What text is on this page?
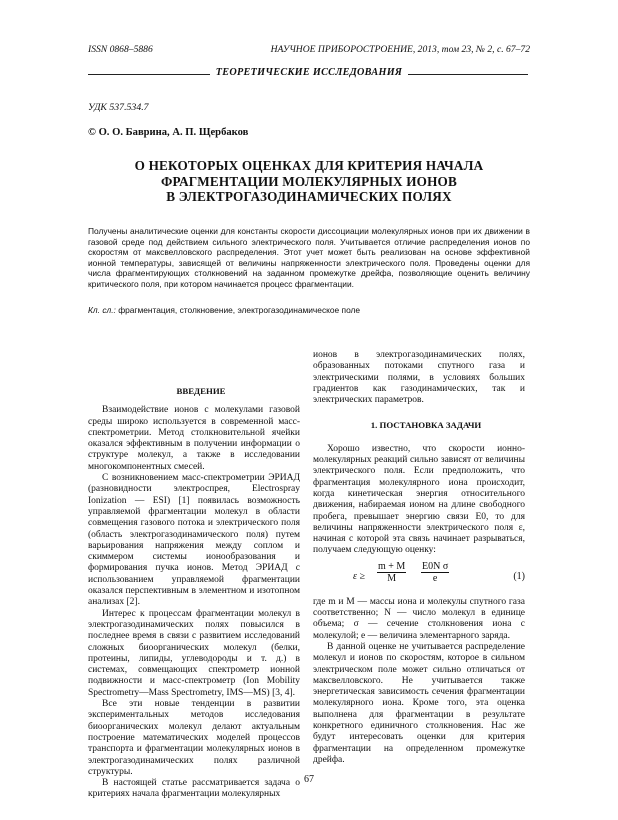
ISSN 0868–5886	НАУЧНОЕ ПРИБОРОСТРОЕНИЕ, 2013, том 23, № 2, с. 67–72
ТЕОРЕТИЧЕСКИЕ ИССЛЕДОВАНИЯ
УДК 537.534.7
© О. О. Бaврина, А. П. Щербаков
О НЕКОТОРЫХ ОЦЕНКАХ ДЛЯ КРИТЕРИЯ НАЧАЛА
ФРАГМЕНТАЦИИ МОЛЕКУЛЯРНЫХ ИОНОВ
В ЭЛЕКТРОГАЗОДИНАМИЧЕСКИХ ПОЛЯХ
Получены аналитические оценки для константы скорости диссоциации молекулярных ионов при их движении в газовой среде под действием сильного электрического поля. Учитывается отличие распределения ионов по скоростям от максвелловского распределения. Этот учет может быть реализован на основе эффективной ионной температуры, зависящей от величины напряженности электрического поля. Проведены оценки для числа фрагментирующих столкновений на заданном промежутке дрейфа, позволяющие оценить величину критического поля, при котором начинается процесс фрагментации.
Кл. сл.: фрагментация, столкновение, электрогазодинамическое поле

ВВЕДЕНИЕ

Взаимодействие ионов с молекулами газовой среды широко используется в современной масс-спектрометрии. Метод столкновительной ячейки оказался эффективным в получении информации о структуре молекул, а также в исследовании многокомпонентных смесей.

С возникновением масс-спектрометрии ЭРИАД (разновидности электроспрея, Electrospray Ionization — ESI) [1] появилась возможность управляемой фрагментации молекул в области совмещения газового потока и электрического поля (область электрогазодинамического поля) путем варьирования напряжения между соплом и скиммером системы ионообразования и формирования пучка ионов. Метод ЭРИАД с использованием управляемой фрагментации оказался перспективным в элементном и изотопном анализах [2].

Интерес к процессам фрагментации молекул в электрогазодинамических полях повысился в последнее время в связи с развитием исследований сложных биоорганических молекул (белки, протеины, липиды, углеводороды и т. д.) в системах, совмещающих спектрометр ионной подвижности и масс-спектрометр (Ion Mobility Spectrometry—Mass Spectrometry, IMS—MS) [3, 4].

Все эти новые тенденции в развитии экспериментальных методов исследования биоорганических молекул делают актуальным построение математических моделей процессов транспорта и фрагментации молекулярных ионов в электрогазодинамических полях различной структуры.

В настоящей статье рассматривается задача о критериях начала фрагментации молекулярных

ионов в электрогазодинамических полях, образованных потоками спутного газа и электрическими полями, в условиях больших градиентов как газодинамических, так и электрических параметров.

1. ПОСТАНОВКА ЗАДАЧИ

Хорошо известно, что скорости ионно-молекулярных реакций сильно зависят от величины электрического поля. Если предположить, что фрагментация молекулярного иона происходит, когда кинетическая энергия относительного движения, набираемая ионом на длине свободного пробега, превышает энергию связи E0, то для величины напряженности электрического поля ε, начиная с которой эта связь начинает разрываться, получаем следующую оценку:

$\varepsilon \ge \frac{m + M}{M} \frac{\text{E0N σ}}{e}$	(1)

где m и M — массы иона и молекулы спутного газа соответственно; N — число молекул в единице объема; σ — сечение столкновения иона с молекулой; e — величина элементарного заряда.

В данной оценке не учитывается распределение молекул и ионов по скоростям, которое в сильном электрическом поле может сильно отличаться от максвелловского. Не учитывается также энергетическая зависимость сечения фрагментации молекулярного иона. Кроме того, эта оценка выполнена для фрагментации в результате конкретного единичного столкновения. Нас же будут интересовать оценки для критерия фрагментации на определенном промежутке дрейфа.

67
